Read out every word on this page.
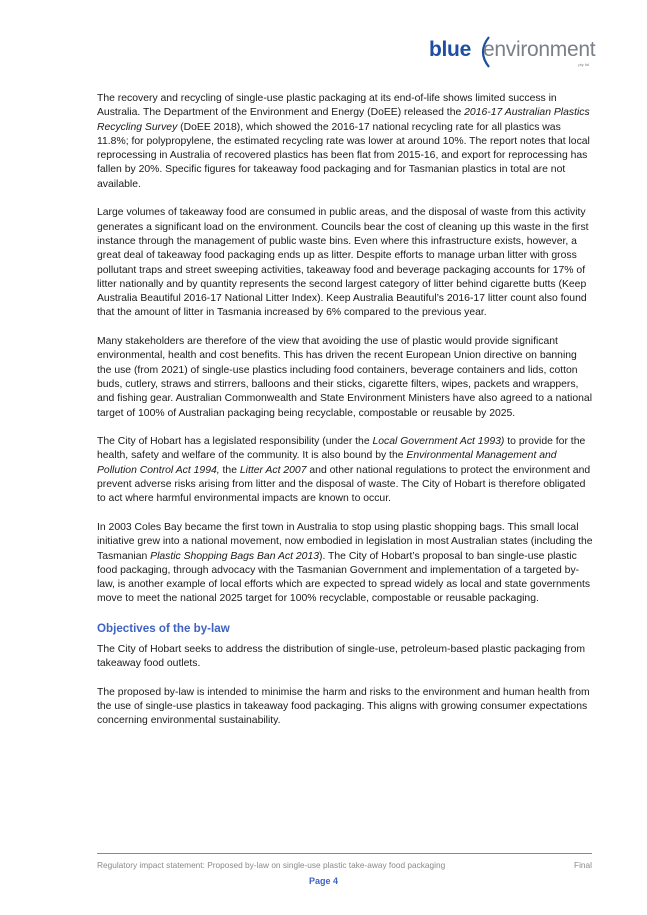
blue environment
pty ltd

The recovery and recycling of single-use plastic packaging at its end-of-life shows limited success in Australia. The Department of the Environment and Energy (DoEE) released the 2016-17 Australian Plastics Recycling Survey (DoEE 2018), which showed the 2016-17 national recycling rate for all plastics was 11.8%; for polypropylene, the estimated recycling rate was lower at around 10%. The report notes that local reprocessing in Australia of recovered plastics has been flat from 2015-16, and export for reprocessing has fallen by 20%. Specific figures for takeaway food packaging and for Tasmanian plastics in total are not available.

Large volumes of takeaway food are consumed in public areas, and the disposal of waste from this activity generates a significant load on the environment. Councils bear the cost of cleaning up this waste in the first instance through the management of public waste bins. Even where this infrastructure exists, however, a great deal of takeaway food packaging ends up as litter. Despite efforts to manage urban litter with gross pollutant traps and street sweeping activities, takeaway food and beverage packaging accounts for 17% of litter nationally and by quantity represents the second largest category of litter behind cigarette butts (Keep Australia Beautiful 2016-17 National Litter Index). Keep Australia Beautiful’s 2016-17 litter count also found that the amount of litter in Tasmania increased by 6% compared to the previous year.

Many stakeholders are therefore of the view that avoiding the use of plastic would provide significant environmental, health and cost benefits. This has driven the recent European Union directive on banning the use (from 2021) of single-use plastics including food containers, beverage containers and lids, cotton buds, cutlery, straws and stirrers, balloons and their sticks, cigarette filters, wipes, packets and wrappers, and fishing gear. Australian Commonwealth and State Environment Ministers have also agreed to a national target of 100% of Australian packaging being recyclable, compostable or reusable by 2025.

The City of Hobart has a legislated responsibility (under the Local Government Act 1993) to provide for the health, safety and welfare of the community. It is also bound by the Environmental Management and Pollution Control Act 1994, the Litter Act 2007 and other national regulations to protect the environment and prevent adverse risks arising from litter and the disposal of waste. The City of Hobart is therefore obligated to act where harmful environmental impacts are known to occur.

In 2003 Coles Bay became the first town in Australia to stop using plastic shopping bags. This small local initiative grew into a national movement, now embodied in legislation in most Australian states (including the Tasmanian Plastic Shopping Bags Ban Act 2013). The City of Hobart’s proposal to ban single-use plastic food packaging, through advocacy with the Tasmanian Government and implementation of a targeted by-law, is another example of local efforts which are expected to spread widely as local and state governments move to meet the national 2025 target for 100% recyclable, compostable or reusable packaging.

Objectives of the by-law

The City of Hobart seeks to address the distribution of single-use, petroleum-based plastic packaging from takeaway food outlets.

The proposed by-law is intended to minimise the harm and risks to the environment and human health from the use of single-use plastics in takeaway food packaging. This aligns with growing consumer expectations concerning environmental sustainability.

Regulatory impact statement: Proposed by-law on single-use plastic take-away food packaging	Final
Page 4
